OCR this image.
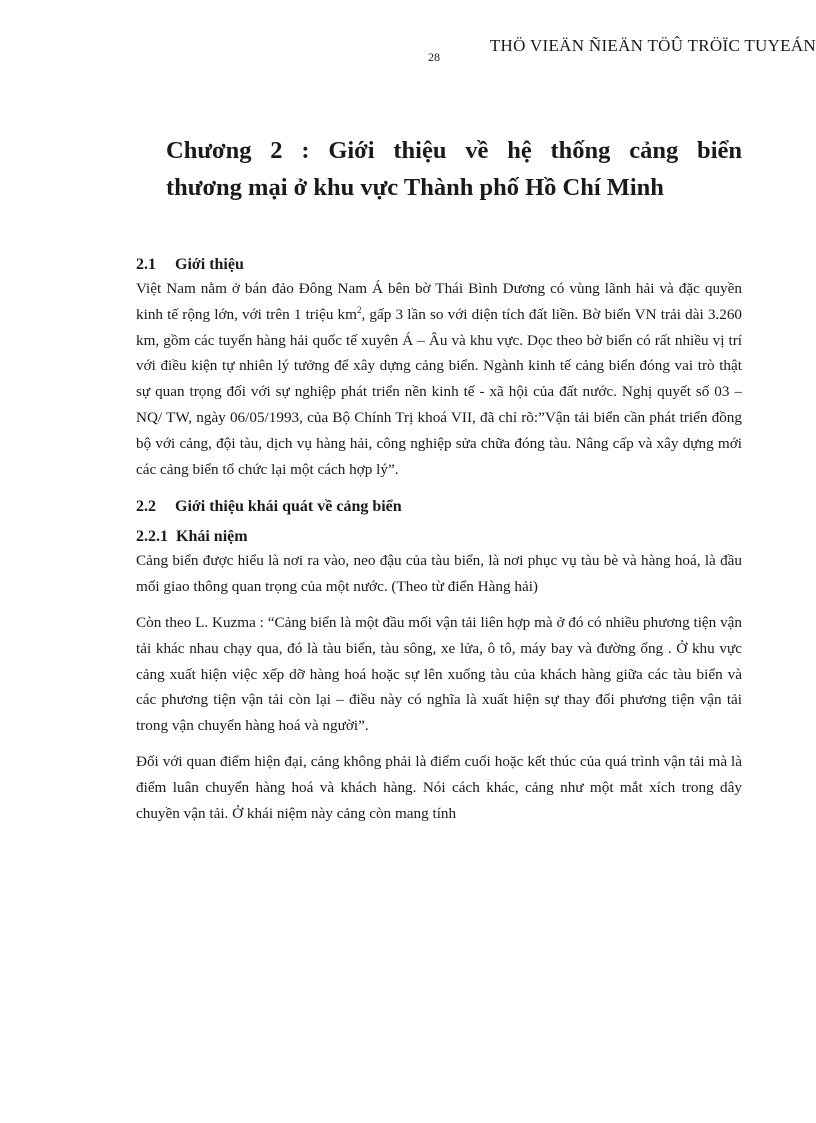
THÖ VIEÄN ÑIEÄN TÖÛ TRÖÏC TUYEÁN
28
Chương 2 : Giới thiệu về hệ thống cảng biển
thương mại ở khu vực Thành phố Hồ Chí Minh
2.1 Giới thiệu

Việt Nam nằm ở bán đảo Đông Nam Á bên bờ Thái Bình Dương có vùng lãnh hải và đặc quyền kinh tế rộng lớn, với trên 1 triệu $km^2$, gấp 3 lần so với diện tích đất liền. Bờ biển VN trải dài 3.260 km, gồm các tuyến hàng hải quốc tế xuyên Á – Âu và khu vực. Dọc theo bờ biển có rất nhiều vị trí với điều kiện tự nhiên lý tưởng để xây dựng cảng biển. Ngành kinh tế cảng biển đóng vai trò thật sự quan trọng đối với sự nghiệp phát triển nền kinh tế - xã hội của đất nước. Nghị quyết số 03 – NQ/ TW, ngày 06/05/1993, của Bộ Chính Trị khoá VII, đã chỉ rõ:”Vận tải biển cần phát triển đồng bộ với cảng, đội tàu, dịch vụ hàng hải, công nghiệp sửa chữa đóng tàu. Nâng cấp và xây dựng mới các cảng biển tổ chức lại một cách hợp lý”.

2.2 Giới thiệu khái quát về cảng biển
2.2.1 Khái niệm

Cảng biển được hiểu là nơi ra vào, neo đậu của tàu biển, là nơi phục vụ tàu bè và hàng hoá, là đầu mối giao thông quan trọng của một nước. (Theo từ điển Hàng hải)

Còn theo L. Kuzma : “Cảng biển là một đầu mối vận tải liên hợp mà ở đó có nhiều phương tiện vận tải khác nhau chạy qua, đó là tàu biển, tàu sông, xe lửa, ô tô, máy bay và đường ống . Ở khu vực cảng xuất hiện việc xếp dỡ hàng hoá hoặc sự lên xuống tàu của khách hàng giữa các tàu biển và các phương tiện vận tải còn lại – điều này có nghĩa là xuất hiện sự thay đổi phương tiện vận tải trong vận chuyển hàng hoá và người”.

Đối với quan điểm hiện đại, cảng không phải là điểm cuối hoặc kết thúc của quá trình vận tải mà là điểm luân chuyển hàng hoá và khách hàng. Nói cách khác, cảng như một mắt xích trong dây chuyền vận tải. Ở khái niệm này cảng còn mang tính
